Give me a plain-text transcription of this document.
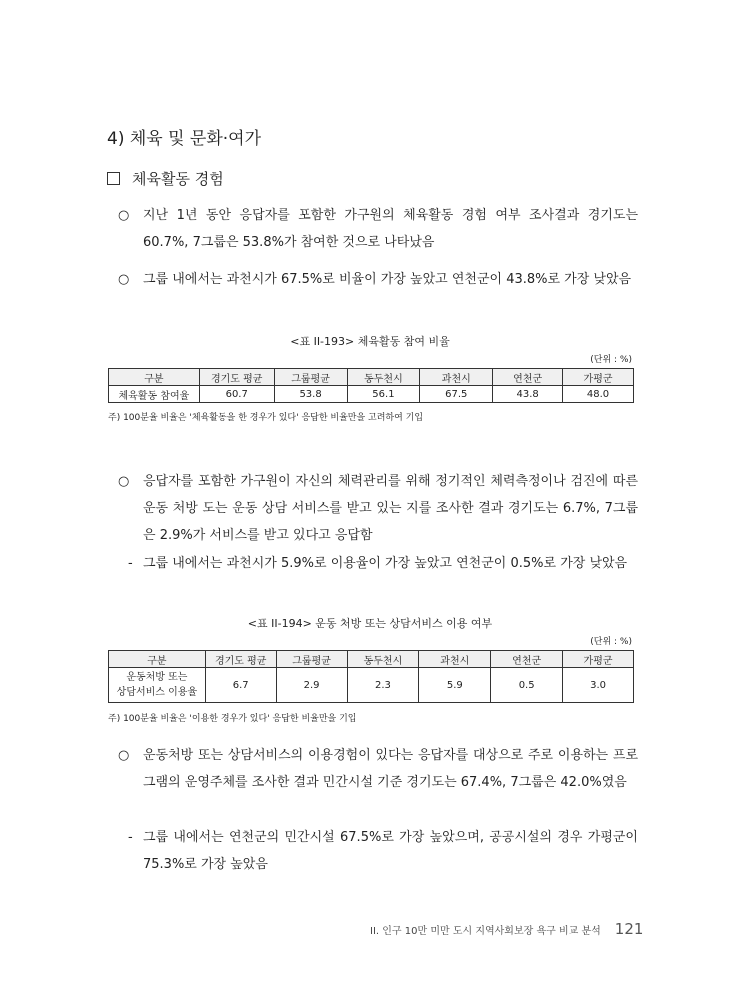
4) 체육 및 문화·여가
체육활동 경험
○ 지난 1년 동안 응답자를 포함한 가구원의 체육활동 경험 여부 조사결과 경기도는 60.7%, 7그룹은 53.8%가 참여한 것으로 나타났음
○ 그룹 내에서는 과천시가 67.5%로 비율이 가장 높았고 연천군이 43.8%로 가장 낮았음
<표 II-193> 체육활동 참여 비율
(단위 : %)
구분	경기도 평균	그룹평균	동두천시	과천시	연천군	가평군
체육활동 참여율	60.7	53.8	56.1	67.5	43.8	48.0
주) 100분율 비율은 '체육활동을 한 경우가 있다' 응답한 비율만을 고려하여 기입
○ 응답자를 포함한 가구원이 자신의 체력관리를 위해 정기적인 체력측정이나 검진에 따른 운동 처방 도는 운동 상담 서비스를 받고 있는 지를 조사한 결과 경기도는 6.7%, 7그룹은 2.9%가 서비스를 받고 있다고 응답함
- 그룹 내에서는 과천시가 5.9%로 이용율이 가장 높았고 연천군이 0.5%로 가장 낮았음
<표 II-194> 운동 처방 또는 상담서비스 이용 여부
(단위 : %)
구분	경기도 평균	그룹평균	동두천시	과천시	연천군	가평군
운동처방 또는
상담서비스 이용율	6.7	2.9	2.3	5.9	0.5	3.0
주) 100분율 비율은 '이용한 경우가 있다' 응답한 비율만을 기입
○ 운동처방 또는 상담서비스의 이용경험이 있다는 응답자를 대상으로 주로 이용하는 프로그램의 운영주체를 조사한 결과 민간시설 기준 경기도는 67.4%, 7그룹은 42.0%였음
- 그룹 내에서는 연천군의 민간시설 67.5%로 가장 높았으며, 공공시설의 경우 가평군이 75.3%로 가장 높았음
II. 인구 10만 미만 도시 지역사회보장 욕구 비교 분석 121
